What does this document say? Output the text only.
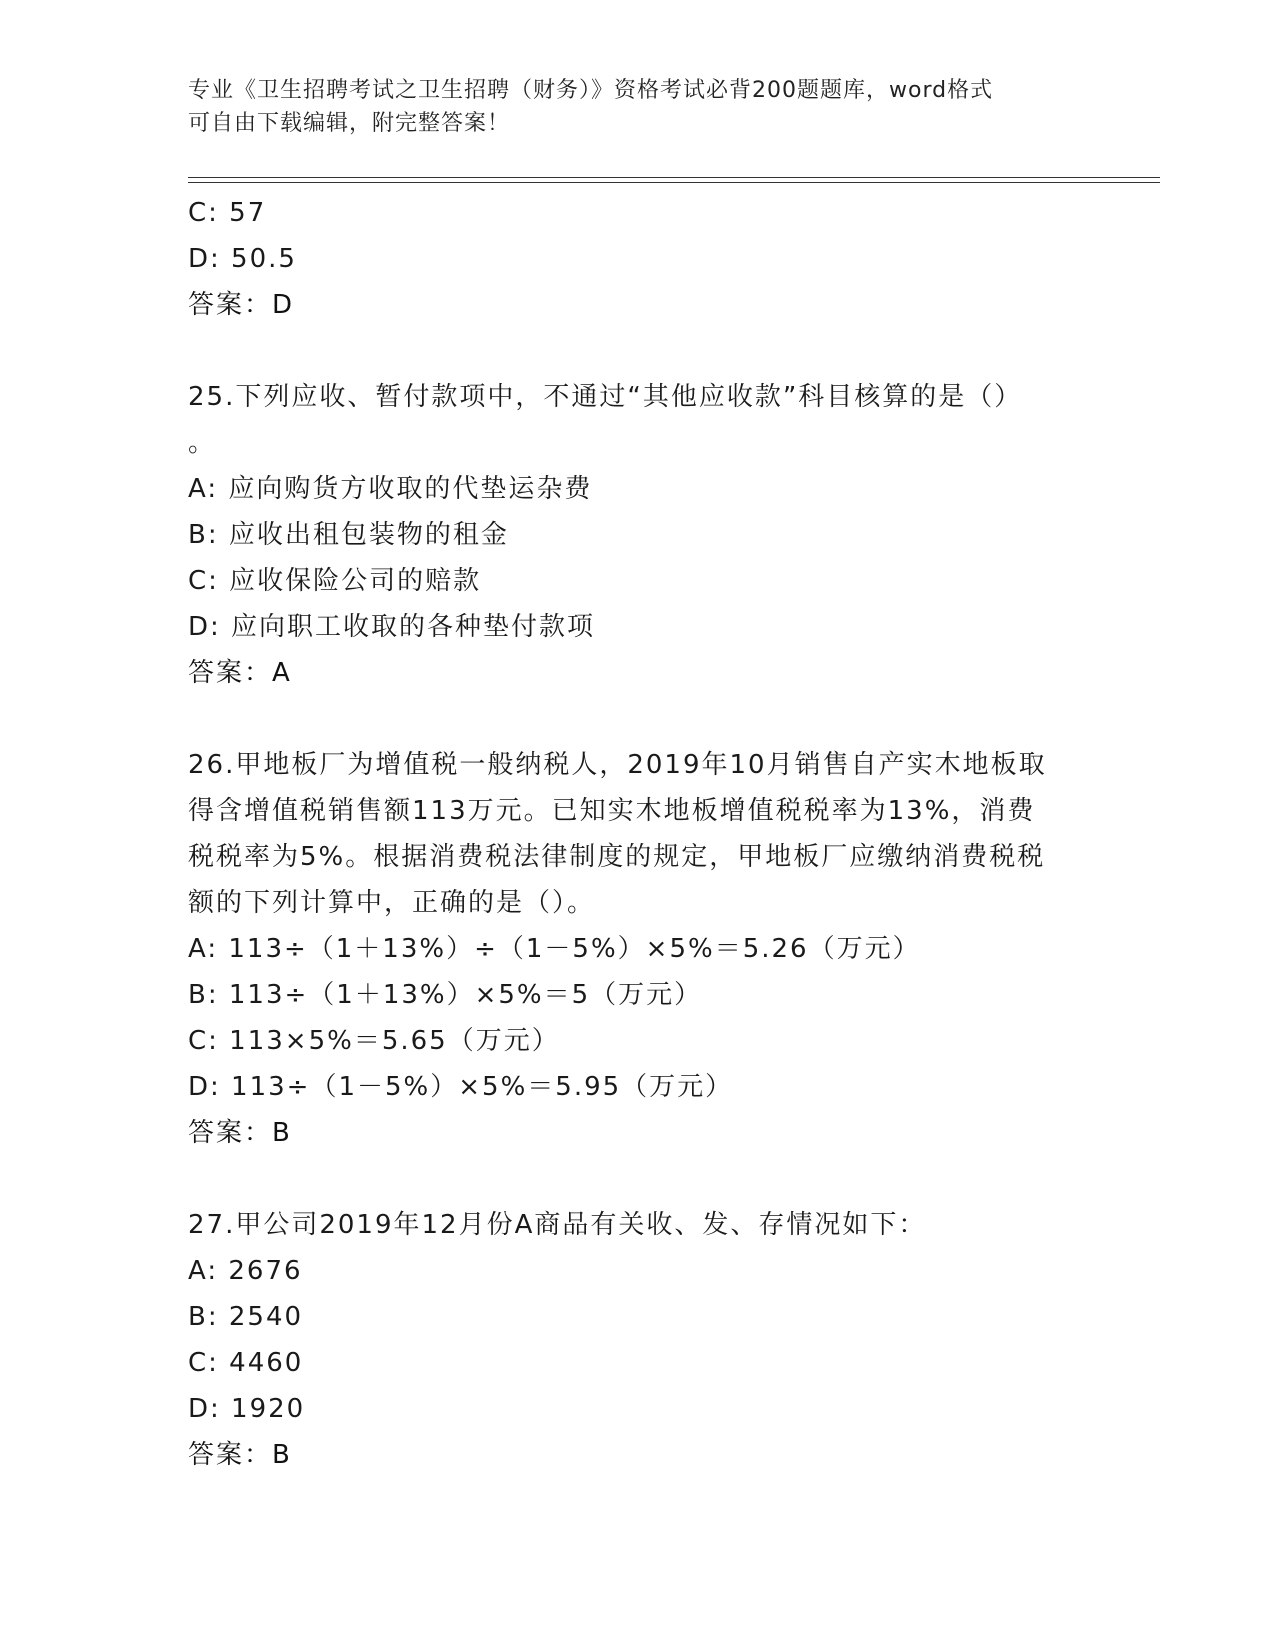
专业《卫生招聘考试之卫生招聘（财务）》资格考试必背200题题库，word格式
可自由下载编辑，附完整答案！
C: 57
D: 50.5
答案：D
25.下列应收、暂付款项中，不通过“其他应收款”科目核算的是（）
。
A: 应向购货方收取的代垫运杂费
B: 应收出租包装物的租金
C: 应收保险公司的赔款
D: 应向职工收取的各种垫付款项
答案：A
26.甲地板厂为增值税一般纳税人，2019年10月销售自产实木地板取
得含增值税销售额113万元。已知实木地板增值税税率为13%，消费
税税率为5%。根据消费税法律制度的规定，甲地板厂应缴纳消费税税
额的下列计算中，正确的是（）。
A: 113÷（1＋13%）÷（1－5%）×5%＝5.26（万元）
B: 113÷（1＋13%）×5%＝5（万元）
C: 113×5%＝5.65（万元）
D: 113÷（1－5%）×5%＝5.95（万元）
答案：B
27.甲公司2019年12月份A商品有关收、发、存情况如下：
A: 2676
B: 2540
C: 4460
D: 1920
答案：B
